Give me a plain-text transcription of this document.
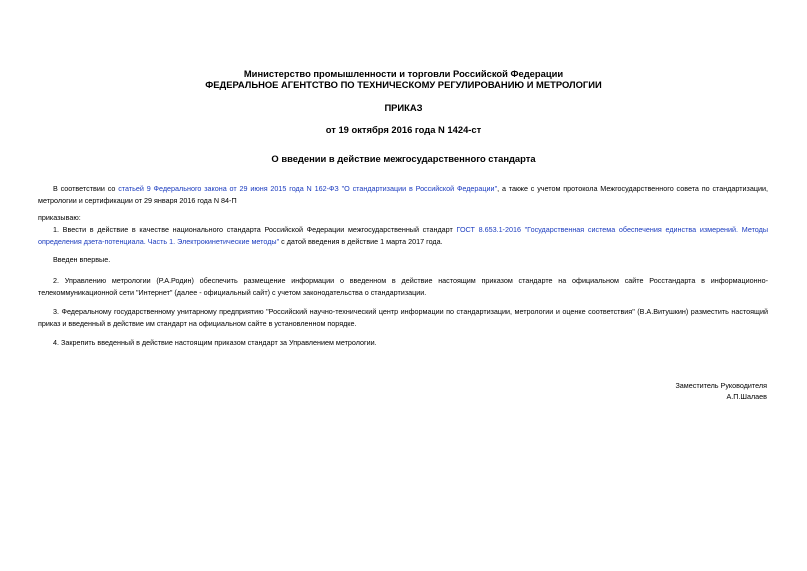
Министерство промышленности и торговли Российской Федерации
ФЕДЕРАЛЬНОЕ АГЕНТСТВО ПО ТЕХНИЧЕСКОМУ РЕГУЛИРОВАНИЮ И МЕТРОЛОГИИ
ПРИКАЗ
от 19 октября 2016 года N 1424-ст
О введении в действие межгосударственного стандарта
В соответствии со статьей 9 Федерального закона от 29 июня 2015 года N 162-ФЗ "О стандартизации в Российской Федерации", а также с учетом протокола Межгосударственного совета по стандартизации, метрологии и сертификации от 29 января 2016 года N 84-П
приказываю:
1. Ввести в действие в качестве национального стандарта Российской Федерации межгосударственный стандарт ГОСТ 8.653.1-2016 "Государственная система обеспечения единства измерений. Методы определения дзета-потенциала. Часть 1. Электрокинетические методы" с датой введения в действие 1 марта 2017 года.
Введен впервые.
2. Управлению метрологии (Р.А.Родин) обеспечить размещение информации о введенном в действие настоящим приказом стандарте на официальном сайте Росстандарта в информационно-телекоммуникационной сети "Интернет" (далее - официальный сайт) с учетом законодательства о стандартизации.
3. Федеральному государственному унитарному предприятию "Российский научно-технический центр информации по стандартизации, метрологии и оценке соответствия" (В.А.Витушкин) разместить настоящий приказ и введенный в действие им стандарт на официальном сайте в установленном порядке.
4. Закрепить введенный в действие настоящим приказом стандарт за Управлением метрологии.
Заместитель Руководителя
А.П.Шалаев
